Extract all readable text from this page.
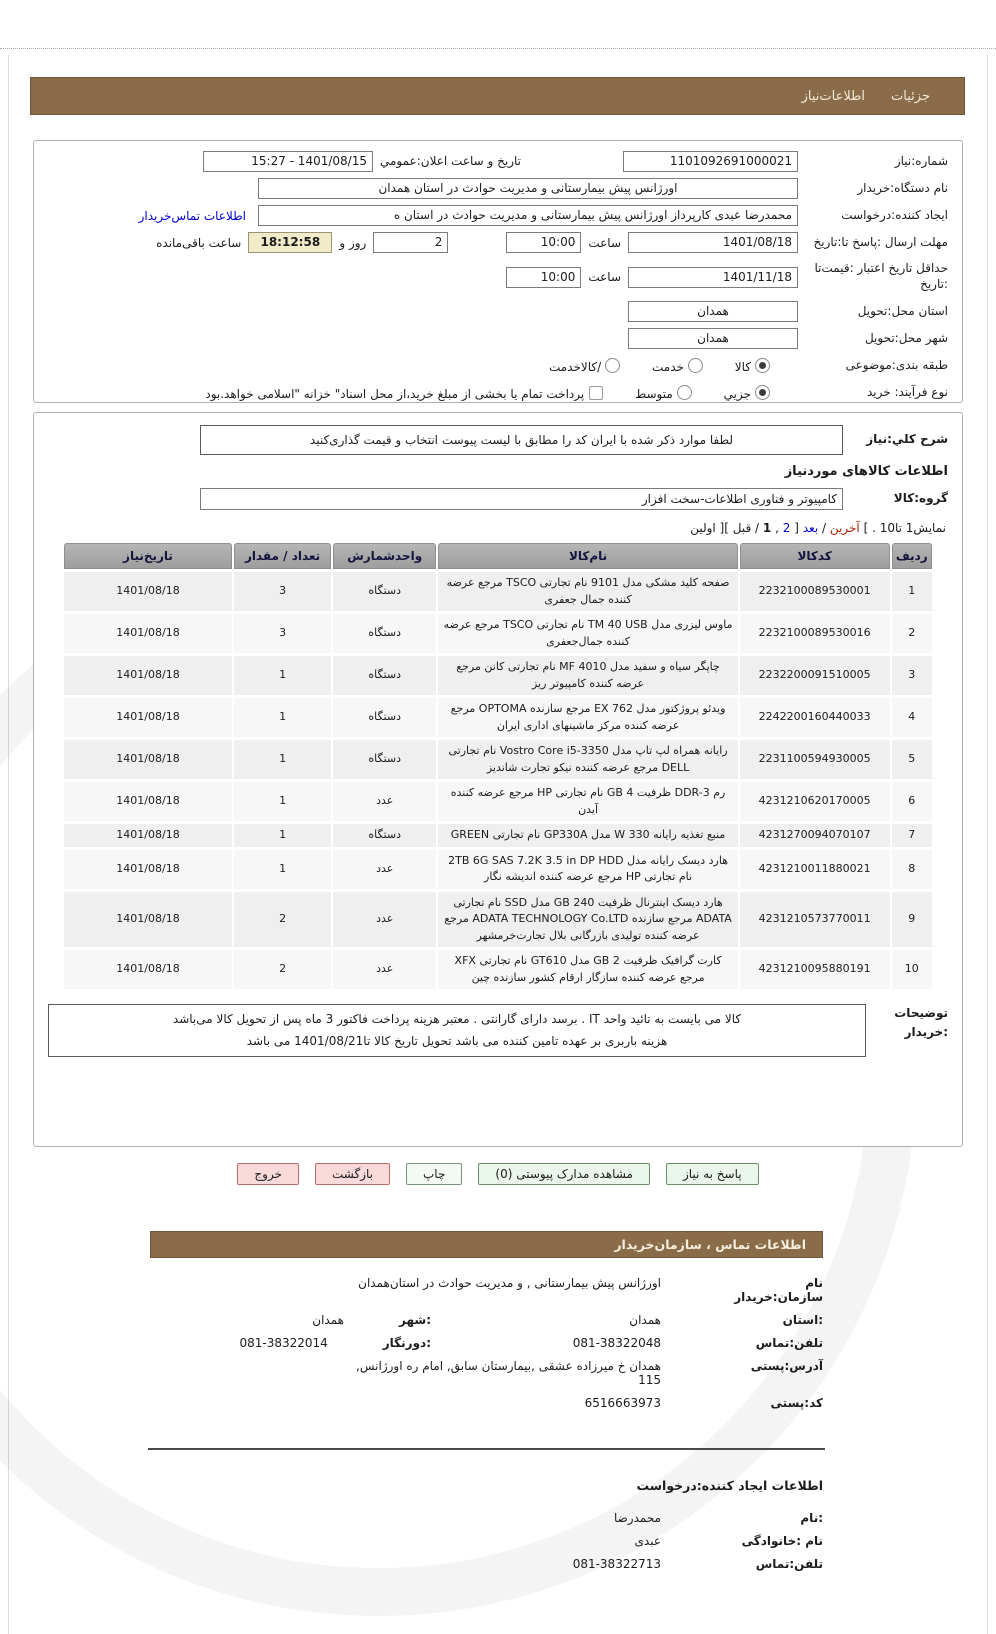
جزئیات
اطلاعات‌نیاز
شماره:نیاز
1101092691000021
تاریخ و ساعت اعلان:عمومي
15:27 - 1401/08/15
نام دستگاه:خریدار
اورژانس پیش بیمارستانی و مدیریت حوادث در استان همدان
ایجاد کننده:درخواست
محمدرضا عبدی کارپرداز اورژانس پیش بیمارستانی و مدیریت حوادث در استان ه
اطلاعات تماس‌خریدار
مهلت ارسال :پاسخ تا:تاریخ
1401/08/18
ساعت
10:00
2
روز و
18:12:58
ساعت باقی‌مانده
حداقل تاریخ اعتبار :قیمت‌تا
:تاریخ
1401/11/18
ساعت
10:00
استان محل:تحویل
همدان
شهر محل:تحویل
همدان
طبقه بندی:موضوعی
کالا خدمت /کالاخدمت
نوع فرآیند: خرید
جزیي متوسط پرداخت تمام یا بخشی از مبلغ خرید،از محل اسناد" خزانه "اسلامی خواهد.بود
شرح کلي:نیاز
لطفا موارد ذکر شده با ایران کد را مطابق با لیست پیوست انتخاب و قیمت گذاری‌کنید
اطلاعات کالاهای موردنیاز
گروه:کالا
کامپیوتر و فناوری اطلاعات-سخت افزار
نمایش1 تا10 . ] آخرین / بعد [ 2 , 1 / قبل ][ اولین
ردیف	کدکالا	نام‌کالا	واحدشمارش	تعداد / مقدار	تاریخ‌نیاز
1	2232100089530001	صفحه کلید مشکی مدل 9101 نام تجارتی TSCO مرجع عرضه کننده جمال جعفری	دستگاه	3	1401/08/18
2	2232100089530016	ماوس لیزری مدل TM 40 USB نام تجارتی TSCO مرجع عرضه کننده جمال‌جعفری	دستگاه	3	1401/08/18
3	2232200091510005	چاپگر سیاه و سفید مدل MF 4010 نام تجارتی کانن مرجع عرضه کننده کامپیوتر ریز	دستگاه	1	1401/08/18
4	2242200160440033	ویدئو پروژکتور مدل EX 762 مرجع سازنده OPTOMA مرجع عرضه کننده مرکز ماشینهای اداری ایران	دستگاه	1	1401/08/18
5	2231100594930005	رایانه همراه لپ تاپ مدل Vostro Core i5-3350 نام تجارتی DELL مرجع عرضه کننده نیکو تجارت شاندیز	دستگاه	1	1401/08/18
6	4231210620170005	رم DDR-3 ظرفیت 4 GB نام تجارتی HP مرجع عرضه کننده آیدن	عدد	1	1401/08/18
7	4231270094070107	منبع تغذیه رایانه 330 W مدل GP330A نام تجارتی GREEN	دستگاه	1	1401/08/18
8	4231210011880021	هارد دیسک رایانه مدل 2TB 6G SAS 7.2K 3.5 in DP HDD نام تجارتی HP مرجع عرضه کننده اندیشه نگار	عدد	1	1401/08/18
9	4231210573770011	هارد دیسک اینترنال ظرفیت 240 GB مدل SSD نام تجارتی ADATA مرجع سازنده ADATA TECHNOLOGY Co.LTD مرجع عرضه کننده تولیدی بازرگانی بلال تجارت‌خرمشهر	عدد	2	1401/08/18
10	4231210095880191	کارت گرافیک ظرفیت 2 GB مدل GT610 نام تجارتی XFX مرجع عرضه کننده سازگار ارقام کشور سازنده چین	عدد	2	1401/08/18
توضیحات
:خریدار
کالا می بایست به تائید واحد IT . برسد دارای گارانتی . معتبر هزینه پرداخت فاکتور 3 ماه پس از تحویل کالا می‌باشد
هزینه باربری بر عهده تامین کننده می باشد تحویل تاریخ کالا تا1401/08/21 می باشد
پاسخ به نیاز
مشاهده مدارک پیوستی (0)
چاپ
بازگشت
خروج
اطلاعات تماس ، سازمان‌خریدار
نام سازمان:خریدار
اورژانس پیش بیمارستانی , و مدیریت حوادث در استان‌همدان
:استان
همدان
:شهر
همدان
تلفن:تماس
081-38322048
:دورنگار
081-38322014
آدرس:پستی
همدان خ میرزاده عشقی ,بیمارستان سابق, امام ره اورژانس, 115
کد:پستی
6516663973
اطلاعات ایجاد کننده:درخواست
:نام
محمدرضا
نام :خانوادگی
عبدی
تلفن:تماس
081-38322713
